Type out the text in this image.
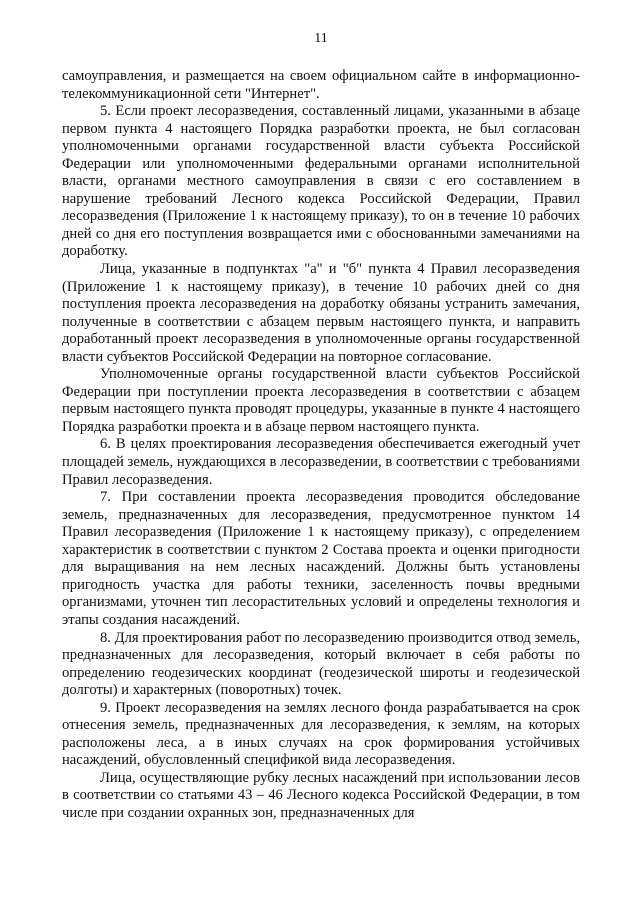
11

самоуправления, и размещается на своем официальном сайте в информационно-телекоммуникационной сети "Интернет".

5. Если проект лесоразведения, составленный лицами, указанными в абзаце первом пункта 4 настоящего Порядка разработки проекта, не был согласован уполномоченными органами государственной власти субъекта Российской Федерации или уполномоченными федеральными органами исполнительной власти, органами местного самоуправления в связи с его составлением в нарушение требований Лесного кодекса Российской Федерации, Правил лесоразведения (Приложение 1 к настоящему приказу), то он в течение 10 рабочих дней со дня его поступления возвращается ими с обоснованными замечаниями на доработку.

Лица, указанные в подпунктах "а" и "б" пункта 4 Правил лесоразведения (Приложение 1 к настоящему приказу), в течение 10 рабочих дней со дня поступления проекта лесоразведения на доработку обязаны устранить замечания, полученные в соответствии с абзацем первым настоящего пункта, и направить доработанный проект лесоразведения в уполномоченные органы государственной власти субъектов Российской Федерации на повторное согласование.

Уполномоченные органы государственной власти субъектов Российской Федерации при поступлении проекта лесоразведения в соответствии с абзацем первым настоящего пункта проводят процедуры, указанные в пункте 4 настоящего Порядка разработки проекта и в абзаце первом настоящего пункта.

6. В целях проектирования лесоразведения обеспечивается ежегодный учет площадей земель, нуждающихся в лесоразведении, в соответствии с требованиями Правил лесоразведения.

7. При составлении проекта лесоразведения проводится обследование земель, предназначенных для лесоразведения, предусмотренное пунктом 14 Правил лесоразведения (Приложение 1 к настоящему приказу), с определением характеристик в соответствии с пунктом 2 Состава проекта и оценки пригодности для выращивания на нем лесных насаждений. Должны быть установлены пригодность участка для работы техники, заселенность почвы вредными организмами, уточнен тип лесорастительных условий и определены технология и этапы создания насаждений.

8. Для проектирования работ по лесоразведению производится отвод земель, предназначенных для лесоразведения, который включает в себя работы по определению геодезических координат (геодезической широты и геодезической долготы) и характерных (поворотных) точек.

9. Проект лесоразведения на землях лесного фонда разрабатывается на срок отнесения земель, предназначенных для лесоразведения, к землям, на которых расположены леса, а в иных случаях на срок формирования устойчивых насаждений, обусловленный спецификой вида лесоразведения.

Лица, осуществляющие рубку лесных насаждений при использовании лесов в соответствии со статьями 43 – 46 Лесного кодекса Российской Федерации, в том числе при создании охранных зон, предназначенных для
